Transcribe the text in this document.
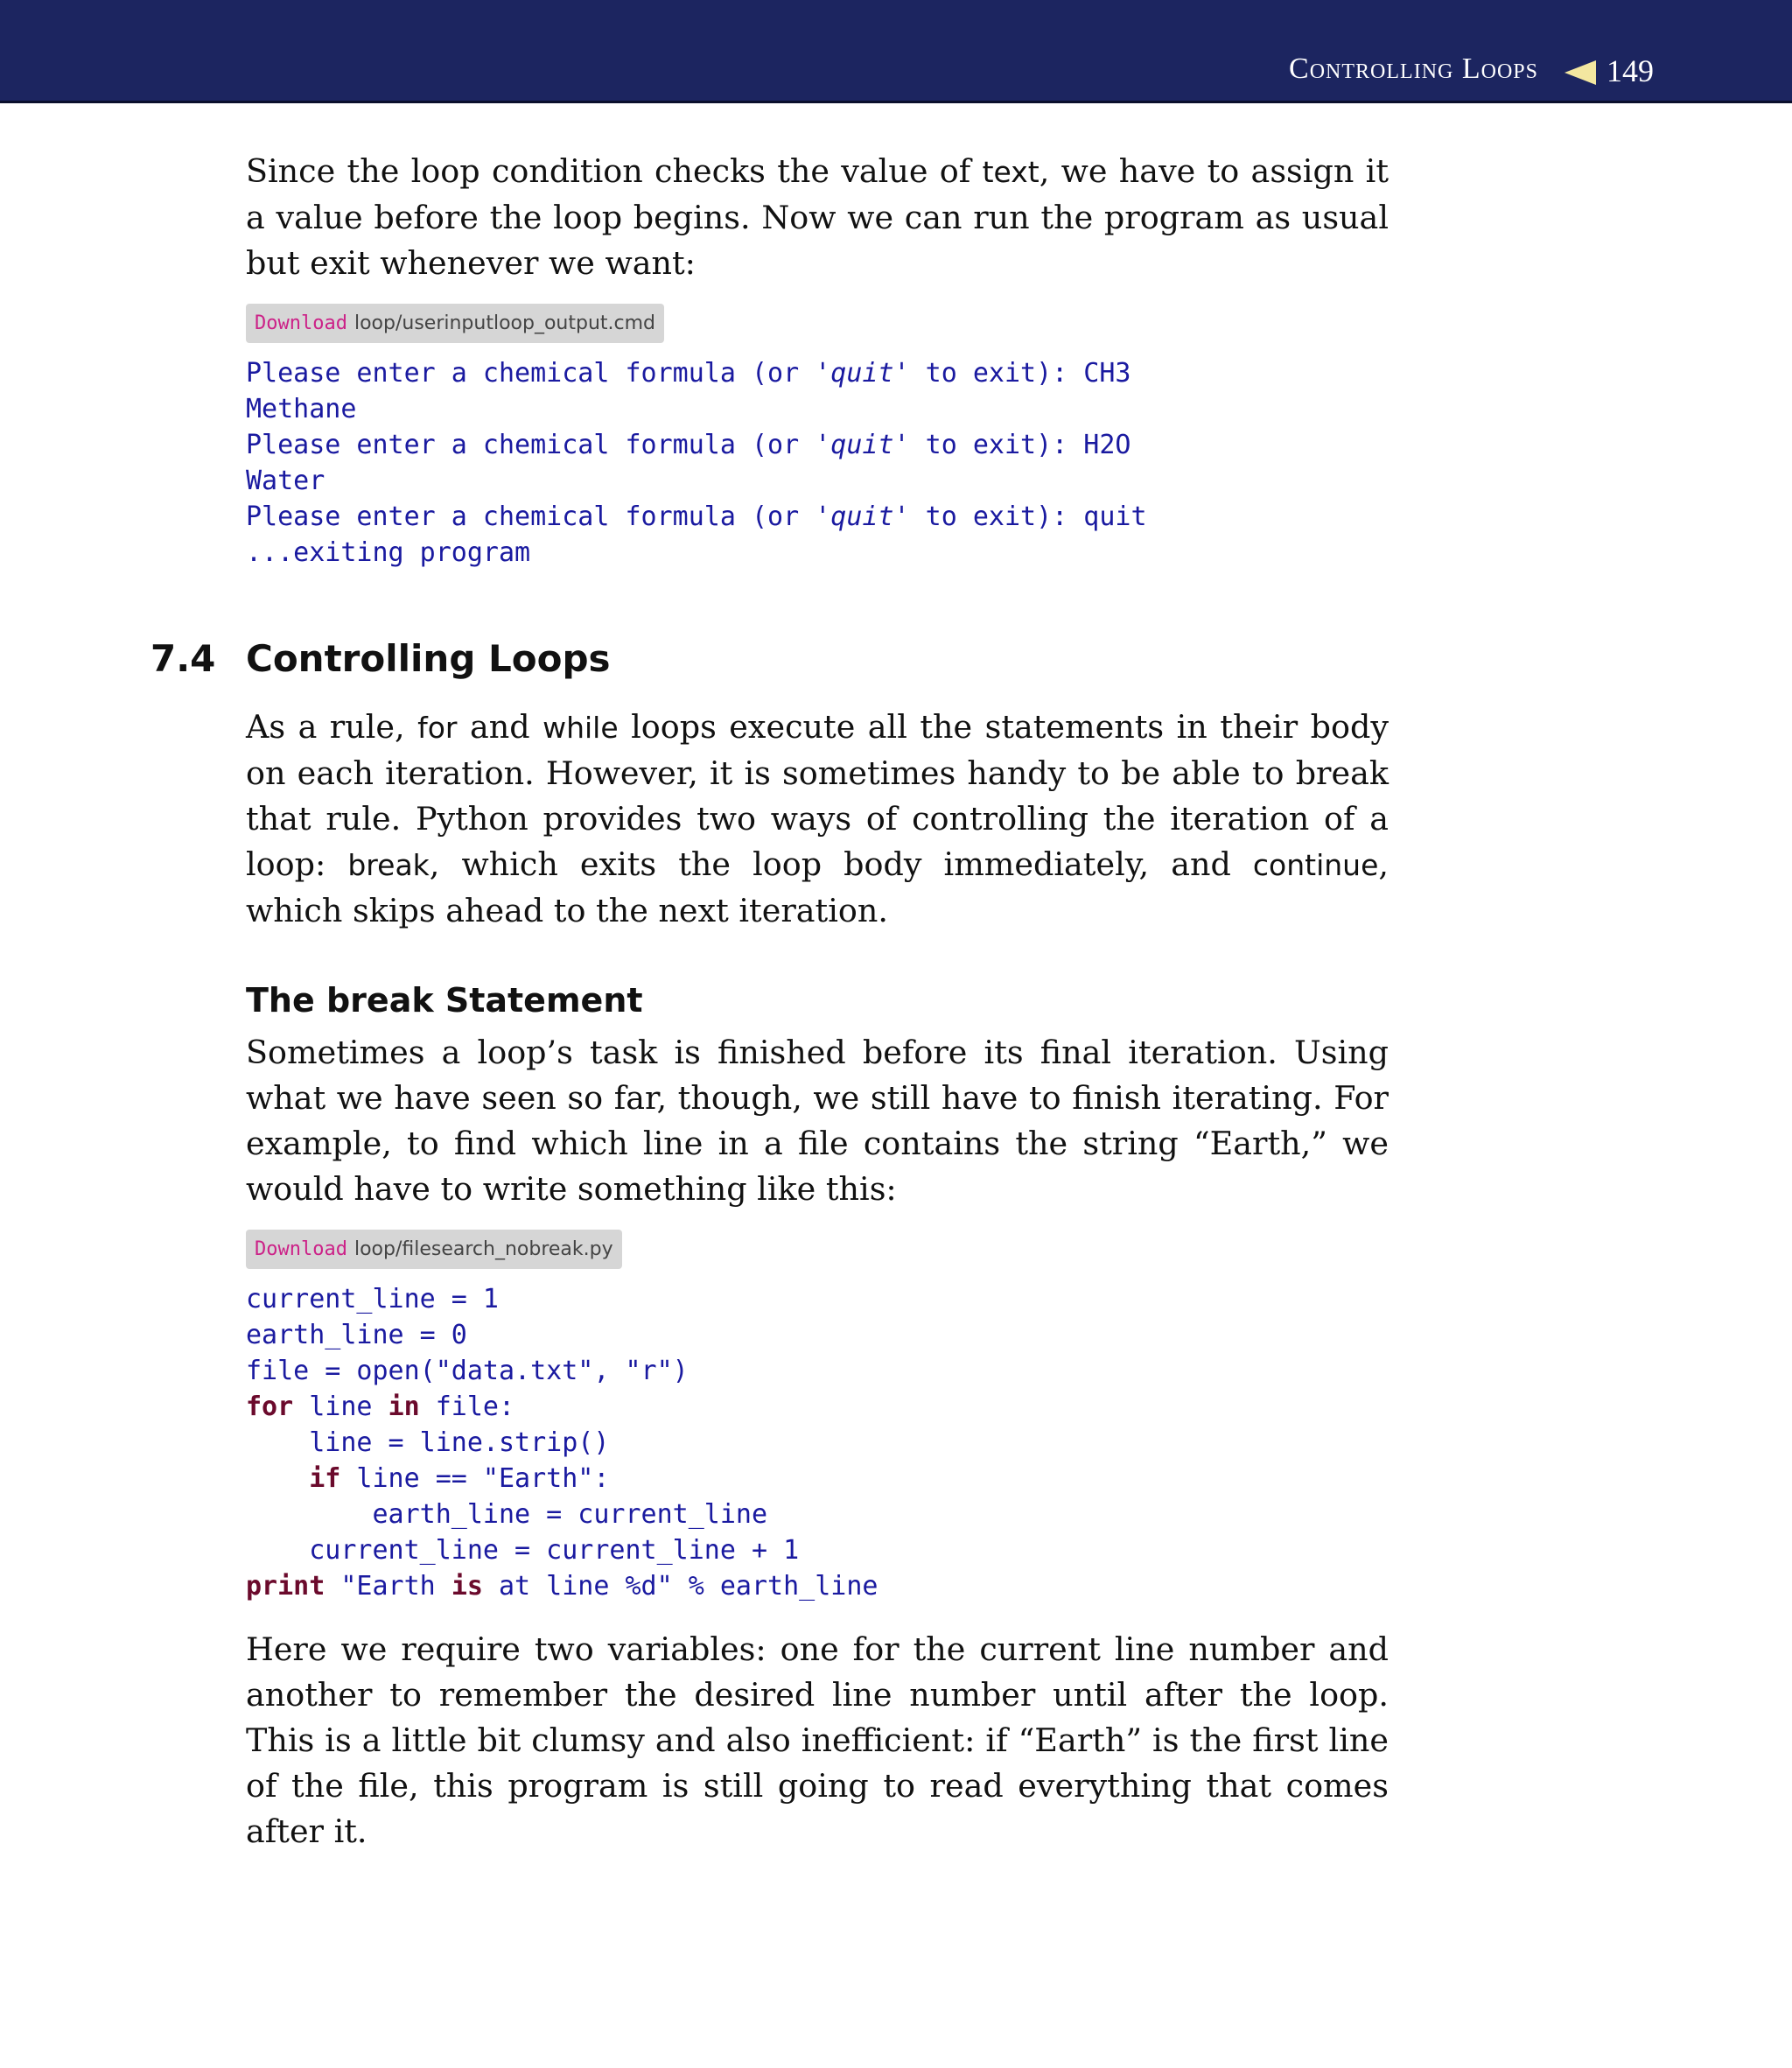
Controlling Loops 149

Since the loop condition checks the value of text, we have to assign it a value before the loop begins. Now we can run the program as usual but exit whenever we want:

Download loop/userinputloop_output.cmd
Please enter a chemical formula (or 'quit' to exit): CH3
Methane
Please enter a chemical formula (or 'quit' to exit): H2O
Water
Please enter a chemical formula (or 'quit' to exit): quit
...exiting program
7.4 Controlling Loops

As a rule, for and while loops execute all the statements in their body on each iteration. However, it is sometimes handy to be able to break that rule. Python provides two ways of controlling the iteration of a loop: break, which exits the loop body immediately, and continue, which skips ahead to the next iteration.

The break Statement

Sometimes a loop’s task is finished before its final iteration. Using what we have seen so far, though, we still have to finish iterating. For example, to find which line in a file contains the string “Earth,” we would have to write something like this:

Download loop/filesearch_nobreak.py
current_line = 1
earth_line = 0
file = open("data.txt", "r")
for line in file:
line = line.strip()
if line == "Earth":
earth_line = current_line
current_line = current_line + 1
print "Earth is at line %d" % earth_line

Here we require two variables: one for the current line number and another to remember the desired line number until after the loop. This is a little bit clumsy and also inefficient: if “Earth” is the first line of the file, this program is still going to read everything that comes after it.
